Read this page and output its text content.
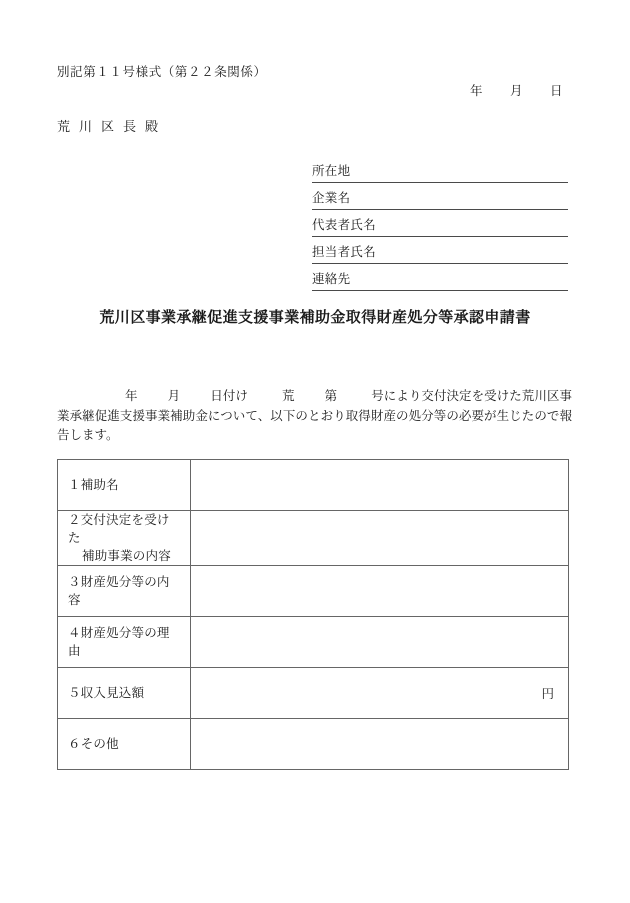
別記第１１号様式（第２２条関係）
年 月 日
荒川区長殿
所在地
企業名
代表者氏名
担当者氏名
連絡先
荒川区事業承継促進支援事業補助金取得財産処分等承認申請書
年 月 日付け	荒 第	号により交付決定を受けた荒川区事業承継促進支援事業補助金について、以下のとおり取得財産の処分等の必要が生じたので報告します。
１補助名	
２交付決定を受けた
補助事業の内容	

３財産処分等の内容	
４財産処分等の理由	
５収入見込額	円
６その他	
